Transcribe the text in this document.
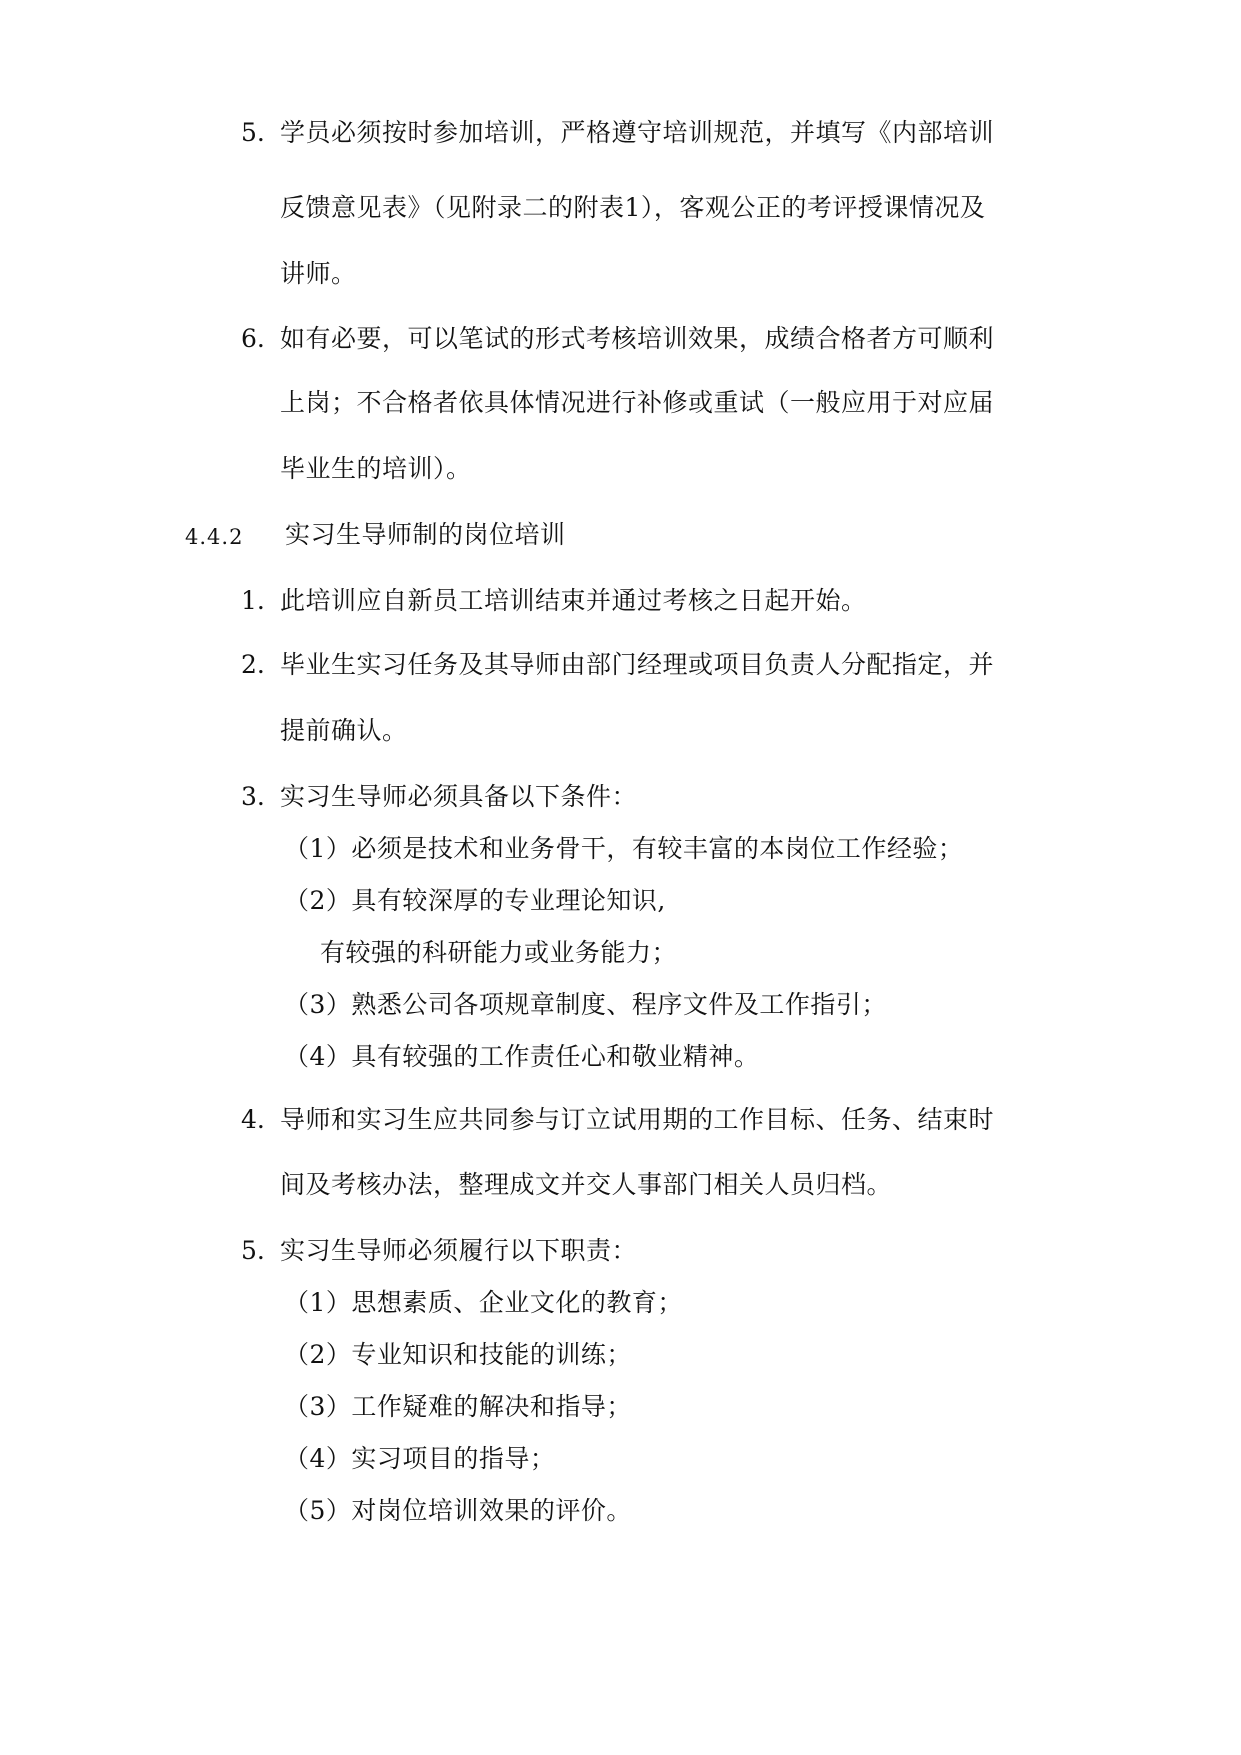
5. 学员必须按时参加培训，严格遵守培训规范，并填写《内部培训
反馈意见表》（见附录二的附表1），客观公正的考评授课情况及
讲师。
6. 如有必要，可以笔试的形式考核培训效果，成绩合格者方可顺利
上岗；不合格者依具体情况进行补修或重试（一般应用于对应届
毕业生的培训）。
4.4.2 实习生导师制的岗位培训
1. 此培训应自新员工培训结束并通过考核之日起开始。
2. 毕业生实习任务及其导师由部门经理或项目负责人分配指定，并
提前确认。
3. 实习生导师必须具备以下条件：
（1）必须是技术和业务骨干，有较丰富的本岗位工作经验；
（2）具有较深厚的专业理论知识,
有较强的科研能力或业务能力；
（3）熟悉公司各项规章制度、程序文件及工作指引；
（4）具有较强的工作责任心和敬业精神。
4. 导师和实习生应共同参与订立试用期的工作目标、任务、结束时
间及考核办法，整理成文并交人事部门相关人员归档。
5. 实习生导师必须履行以下职责：
（1）思想素质、企业文化的教育；
（2）专业知识和技能的训练；
（3）工作疑难的解决和指导；
（4）实习项目的指导；
（5）对岗位培训效果的评价。
